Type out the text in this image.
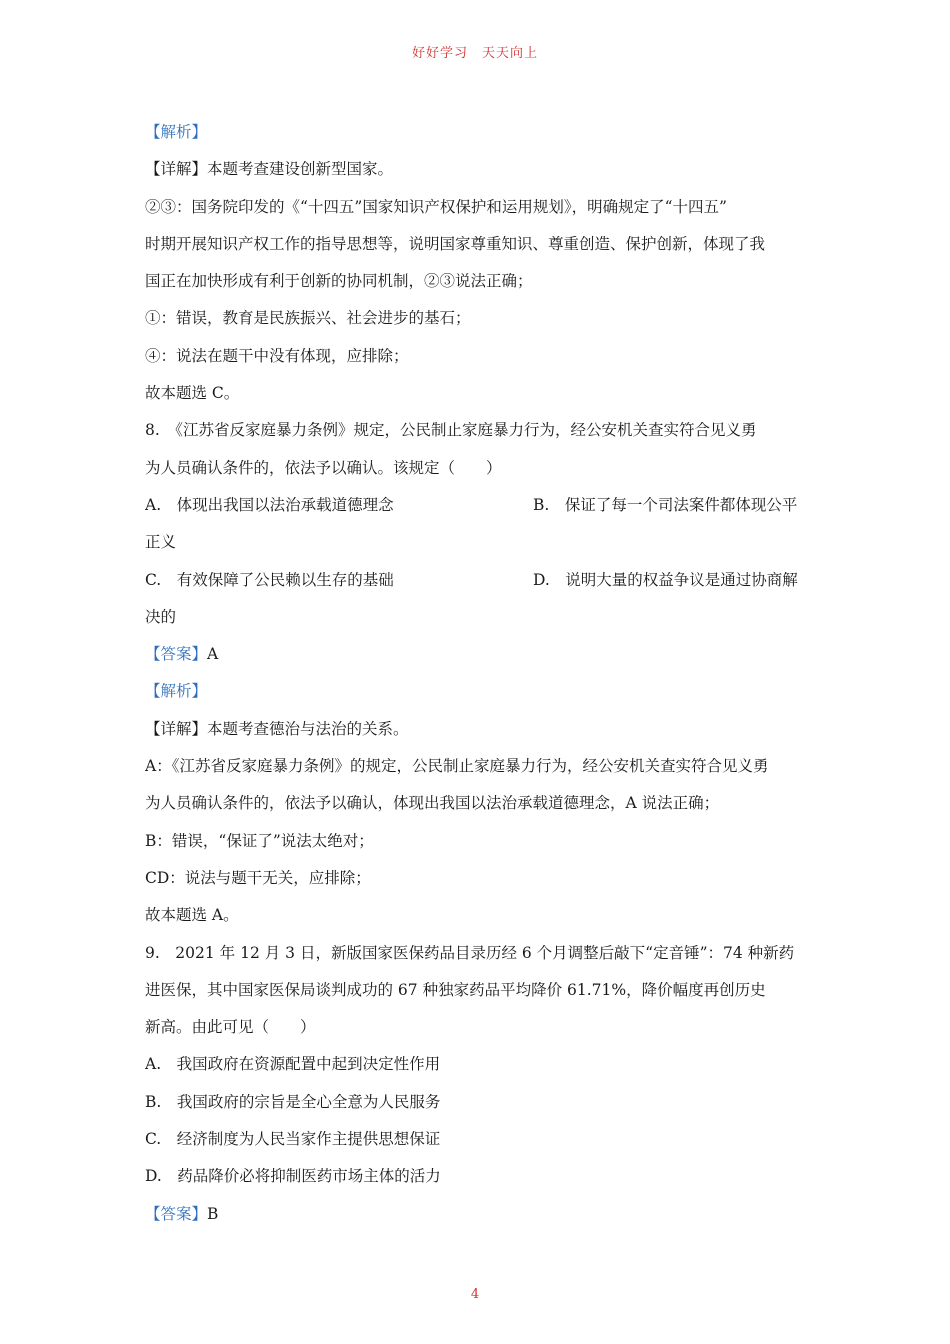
好好学习　天天向上
【解析】
【详解】本题考查建设创新型国家。
②③：国务院印发的《“十四五”国家知识产权保护和运用规划》，明确规定了“十四五”
时期开展知识产权工作的指导思想等，说明国家尊重知识、尊重创造、保护创新，体现了我
国正在加快形成有利于创新的协同机制，②③说法正确；
①：错误，教育是民族振兴、社会进步的基石；
④：说法在题干中没有体现，应排除；
故本题选 C。
8.　《江苏省反家庭暴力条例》规定，公民制止家庭暴力行为，经公安机关查实符合见义勇
为人员确认条件的，依法予以确认。该规定（　　）
A.　体现出我国以法治承载道德理念	B.　保证了每一个司法案件都体现公平
正义
C.　有效保障了公民赖以生存的基础	D.　说明大量的权益争议是通过协商解
决的
【答案】A
【解析】
【详解】本题考查德治与法治的关系。
A：《江苏省反家庭暴力条例》的规定，公民制止家庭暴力行为，经公安机关查实符合见义勇
为人员确认条件的，依法予以确认，体现出我国以法治承载道德理念，A 说法正确；
B：错误，“保证了”说法太绝对；
CD：说法与题干无关，应排除；
故本题选 A。
9.　2021 年 12 月 3 日，新版国家医保药品目录历经 6 个月调整后敲下“定音锤”：74 种新药
进医保，其中国家医保局谈判成功的 67 种独家药品平均降价 61.71%，降价幅度再创历史
新高。由此可见（　　）
A.　我国政府在资源配置中起到决定性作用
B.　我国政府的宗旨是全心全意为人民服务
C.　经济制度为人民当家作主提供思想保证
D.　药品降价必将抑制医药市场主体的活力
【答案】B
4
